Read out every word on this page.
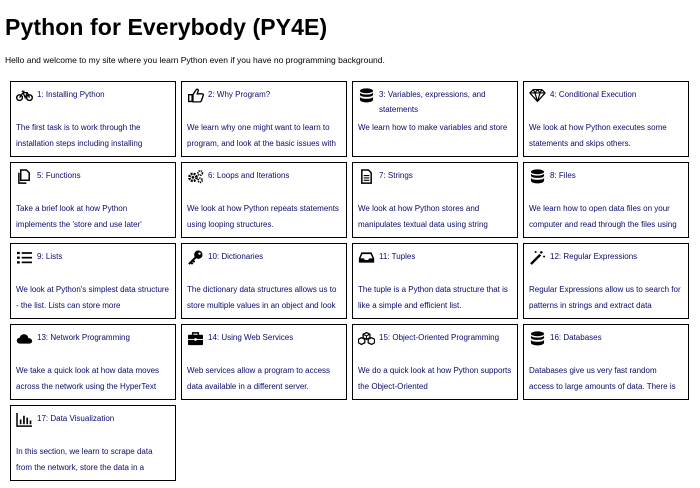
Python for Everybody (PY4E)

Hello and welcome to my site where you learn Python even if you have no programming background.

1: Installing Python
The first task is to work through the installation steps including installing
2: Why Program?
We learn why one might want to learn to program, and look at the basic issues with
3: Variables, expressions, and statements
We learn how to make variables and store
4: Conditional Execution
We look at how Python executes some statements and skips others.
5: Functions
Take a brief look at how Python implements the 'store and use later'
6: Loops and Iterations
We look at how Python repeats statements using looping structures.
7: Strings
We look at how Python stores and manipulates textual data using string
8: Files
We learn how to open data files on your computer and read through the files using
9: Lists
We look at Python's simplest data structure - the list. Lists can store more
10: Dictionaries
The dictionary data structures allows us to store multiple values in an object and look
11: Tuples
The tuple is a Python data structure that is like a simple and efficient list.
12: Regular Expressions
Regular Expressions allow us to search for patterns in strings and extract data
13: Network Programming
We take a quick look at how data moves across the network using the HyperText
14: Using Web Services
Web services allow a program to access data available in a different server.
15: Object-Oriented Programming
We do a quick look at how Python supports the Object-Oriented
16: Databases
Databases give us very fast random access to large amounts of data. There is
17: Data Visualization
In this section, we learn to scrape data from the network, store the data in a
